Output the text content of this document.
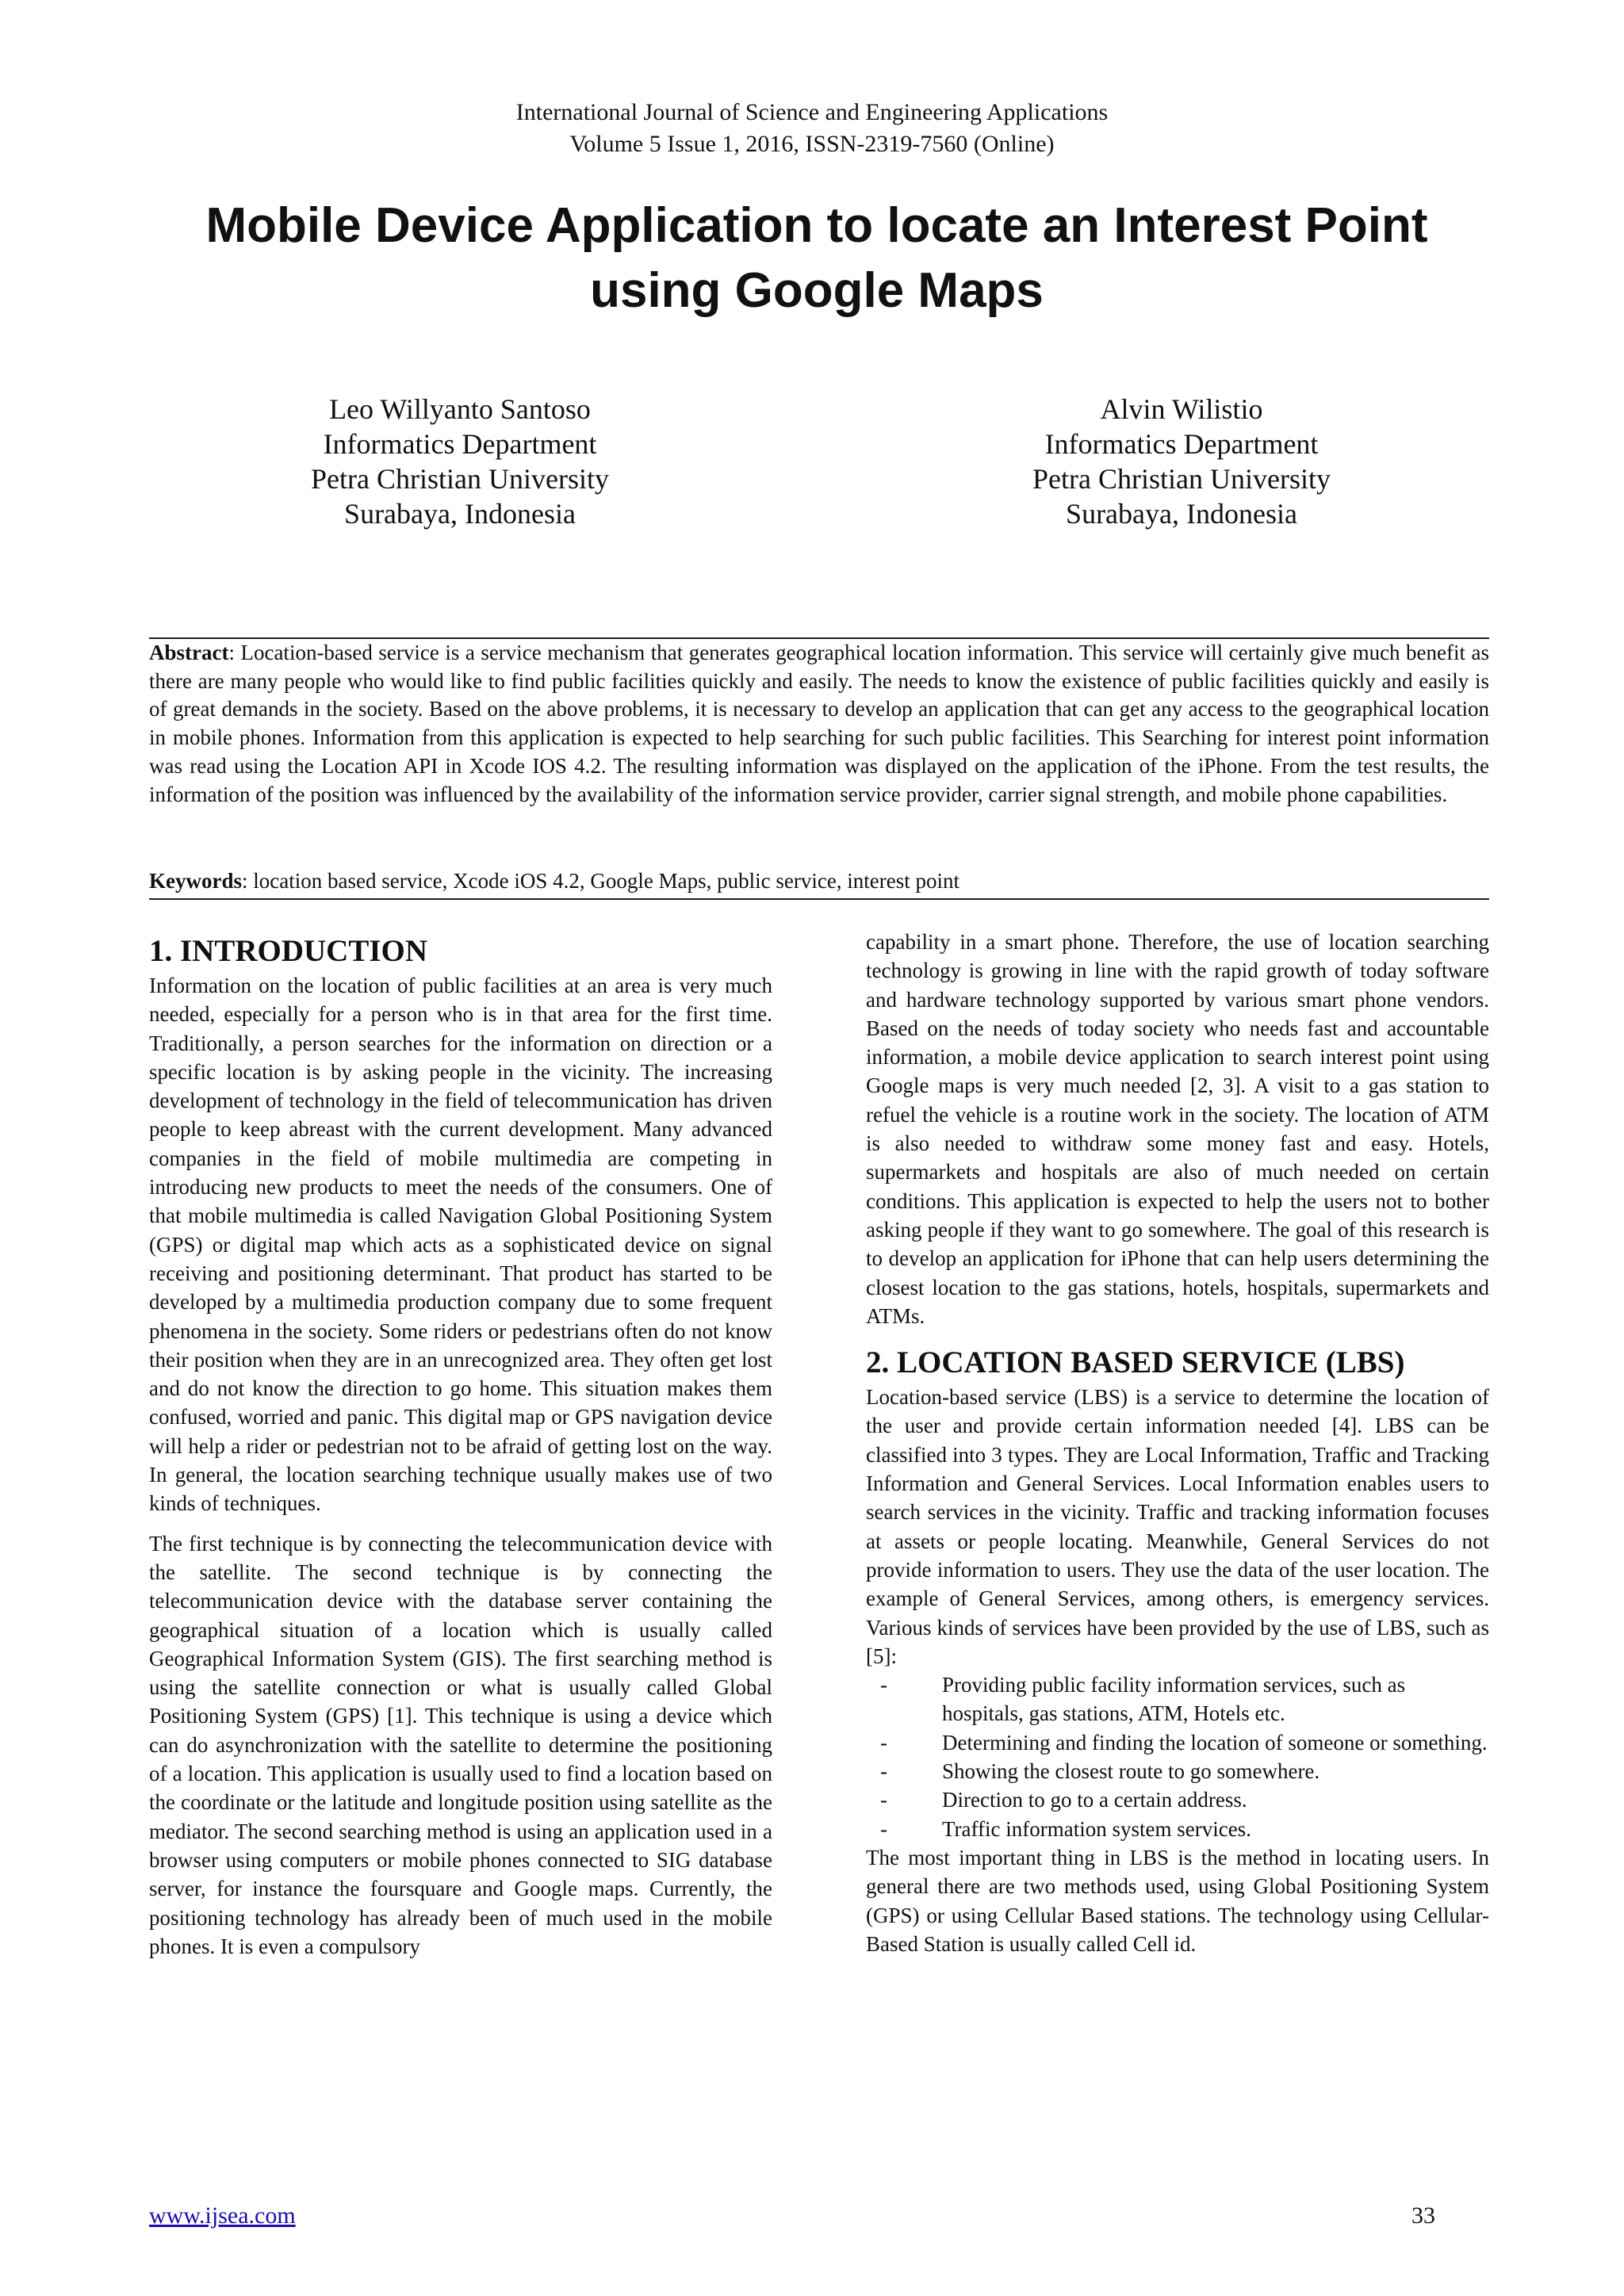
International Journal of Science and Engineering Applications
Volume 5 Issue 1, 2016, ISSN-2319-7560 (Online)
Mobile Device Application to locate an Interest Point
using Google Maps
Leo Willyanto Santoso
Informatics Department
Petra Christian University
Surabaya, Indonesia
Alvin Wilistio
Informatics Department
Petra Christian University
Surabaya, Indonesia

Abstract: Location-based service is a service mechanism that generates geographical location information. This service will certainly give much benefit as there are many people who would like to find public facilities quickly and easily. The needs to know the existence of public facilities quickly and easily is of great demands in the society. Based on the above problems, it is necessary to develop an application that can get any access to the geographical location in mobile phones. Information from this application is expected to help searching for such public facilities. This Searching for interest point information was read using the Location API in Xcode IOS 4.2. The resulting information was displayed on the application of the iPhone. From the test results, the information of the position was influenced by the availability of the information service provider, carrier signal strength, and mobile phone capabilities.

Keywords: location based service, Xcode iOS 4.2, Google Maps, public service, interest point

1. INTRODUCTION

Information on the location of public facilities at an area is very much needed, especially for a person who is in that area for the first time. Traditionally, a person searches for the information on direction or a specific location is by asking people in the vicinity. The increasing development of technology in the field of telecommunication has driven people to keep abreast with the current development. Many advanced companies in the field of mobile multimedia are competing in introducing new products to meet the needs of the consumers. One of that mobile multimedia is called Navigation Global Positioning System (GPS) or digital map which acts as a sophisticated device on signal receiving and positioning determinant. That product has started to be developed by a multimedia production company due to some frequent phenomena in the society. Some riders or pedestrians often do not know their position when they are in an unrecognized area. They often get lost and do not know the direction to go home. This situation makes them confused, worried and panic. This digital map or GPS navigation device will help a rider or pedestrian not to be afraid of getting lost on the way. In general, the location searching technique usually makes use of two kinds of techniques.

The first technique is by connecting the telecommunication device with the satellite. The second technique is by connecting the telecommunication device with the database server containing the geographical situation of a location which is usually called Geographical Information System (GIS). The first searching method is using the satellite connection or what is usually called Global Positioning System (GPS) [1]. This technique is using a device which can do asynchronization with the satellite to determine the positioning of a location. This application is usually used to find a location based on the coordinate or the latitude and longitude position using satellite as the mediator. The second searching method is using an application used in a browser using computers or mobile phones connected to SIG database server, for instance the foursquare and Google maps. Currently, the positioning technology has already been of much used in the mobile phones. It is even a compulsory

capability in a smart phone. Therefore, the use of location searching technology is growing in line with the rapid growth of today software and hardware technology supported by various smart phone vendors. Based on the needs of today society who needs fast and accountable information, a mobile device application to search interest point using Google maps is very much needed [2, 3]. A visit to a gas station to refuel the vehicle is a routine work in the society. The location of ATM is also needed to withdraw some money fast and easy. Hotels, supermarkets and hospitals are also of much needed on certain conditions. This application is expected to help the users not to bother asking people if they want to go somewhere. The goal of this research is to develop an application for iPhone that can help users determining the closest location to the gas stations, hotels, hospitals, supermarkets and ATMs.

2. LOCATION BASED SERVICE (LBS)

Location-based service (LBS) is a service to determine the location of the user and provide certain information needed [4]. LBS can be classified into 3 types. They are Local Information, Traffic and Tracking Information and General Services. Local Information enables users to search services in the vicinity. Traffic and tracking information focuses at assets or people locating. Meanwhile, General Services do not provide information to users. They use the data of the user location. The example of General Services, among others, is emergency services. Various kinds of services have been provided by the use of LBS, such as [5]:

-	Providing public facility information services, such as hospitals, gas stations, ATM, Hotels etc.
-	Determining and finding the location of someone or something.
-	Showing the closest route to go somewhere.
-	Direction to go to a certain address.
-	Traffic information system services.

The most important thing in LBS is the method in locating users. In general there are two methods used, using Global Positioning System (GPS) or using Cellular Based stations. The technology using Cellular-Based Station is usually called Cell id.

www.ijsea.com	33
